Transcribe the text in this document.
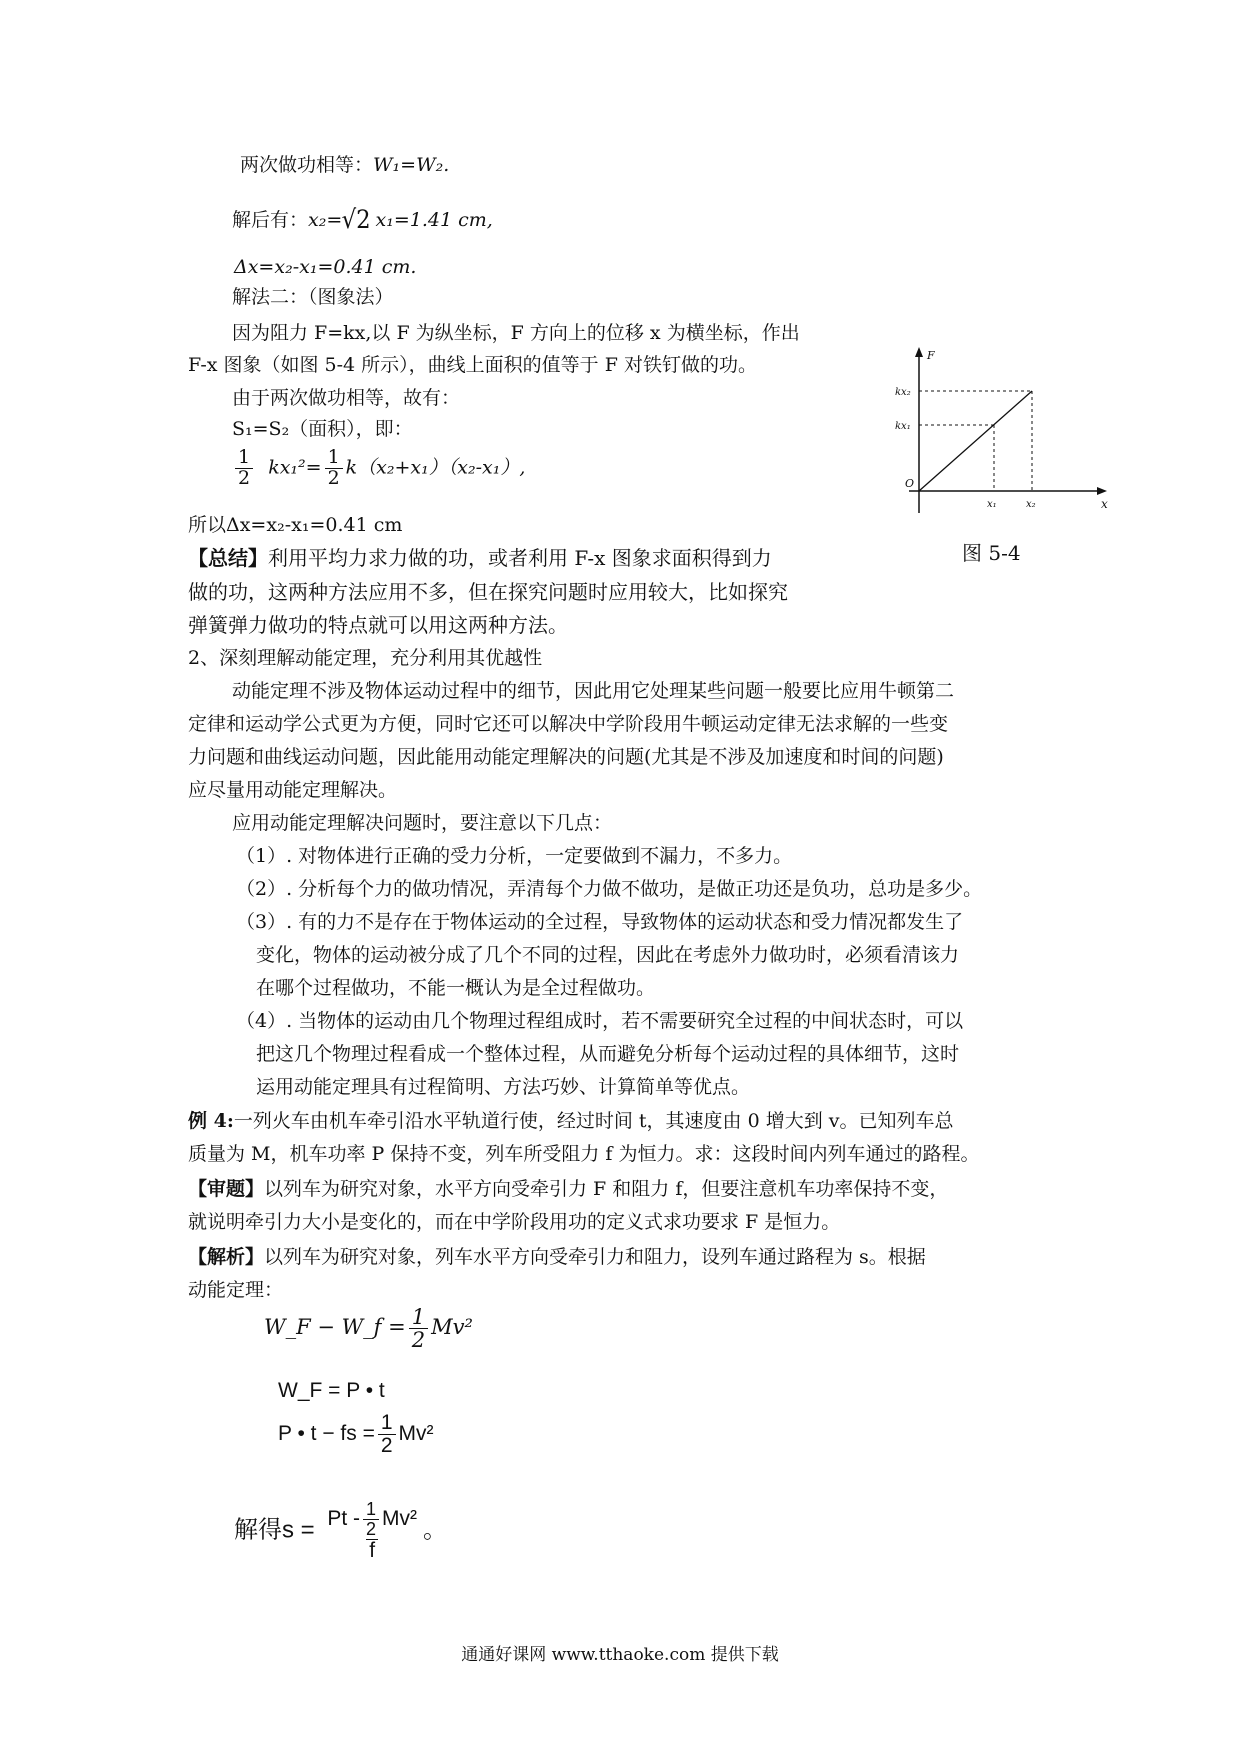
两次做功相等：W₁=W₂.
解后有：x₂=√2 x₁=1.41 cm,
Δx=x₂-x₁=0.41 cm.
解法二：（图象法）
因为阻力 F=kx,以 F 为纵坐标，F 方向上的位移 x 为横坐标，作出
F-x 图象（如图 5-4 所示），曲线上面积的值等于 F 对铁钉做的功。
由于两次做功相等，故有：
S₁=S₂（面积），即：
$\frac{1}{2} kx_1^2= \frac{1}{2} k(x_2+x_1)(x_2-x_1)$,
所以Δx=x₂-x₁=0.41 cm
【总结】利用平均力求力做的功，或者利用 F-x 图象求面积得到力
做的功，这两种方法应用不多，但在探究问题时应用较大，比如探究
弹簧弹力做功的特点就可以用这两种方法。
F
x
O
kx₂
kx₁
x₁	x₂
图 5-4
2、深刻理解动能定理，充分利用其优越性
动能定理不涉及物体运动过程中的细节，因此用它处理某些问题一般要比应用牛顿第二
定律和运动学公式更为方便，同时它还可以解决中学阶段用牛顿运动定律无法求解的一些变
力问题和曲线运动问题，因此能用动能定理解决的问题(尤其是不涉及加速度和时间的问题)
应尽量用动能定理解决。
应用动能定理解决问题时，要注意以下几点：
（1）. 对物体进行正确的受力分析，一定要做到不漏力，不多力。
（2）. 分析每个力的做功情况，弄清每个力做不做功，是做正功还是负功，总功是多少。
（3）. 有的力不是存在于物体运动的全过程，导致物体的运动状态和受力情况都发生了
变化，物体的运动被分成了几个不同的过程，因此在考虑外力做功时，必须看清该力
在哪个过程做功，不能一概认为是全过程做功。
（4）. 当物体的运动由几个物理过程组成时，若不需要研究全过程的中间状态时，可以
把这几个物理过程看成一个整体过程，从而避免分析每个运动过程的具体细节，这时
运用动能定理具有过程简明、方法巧妙、计算简单等优点。
例 4:一列火车由机车牵引沿水平轨道行使，经过时间 t，其速度由 0 增大到 v。已知列车总
质量为 M，机车功率 P 保持不变，列车所受阻力 f 为恒力。求：这段时间内列车通过的路程。
【审题】以列车为研究对象，水平方向受牵引力 F 和阻力 f，但要注意机车功率保持不变，
就说明牵引力大小是变化的，而在中学阶段用功的定义式求功要求 F 是恒力。
【解析】以列车为研究对象，列车水平方向受牵引力和阻力，设列车通过路程为 s。根据
动能定理：
W_F − W_f = $\frac{1}{2} Mv^2$
W_F = P • t
P • t − fs = $\frac{1}{2} Mv^2$
解得$s = \frac{Pt - \frac{1}{2} Mv^2}{f}$ 。
通通好课网 www.tthaoke.com 提供下载
